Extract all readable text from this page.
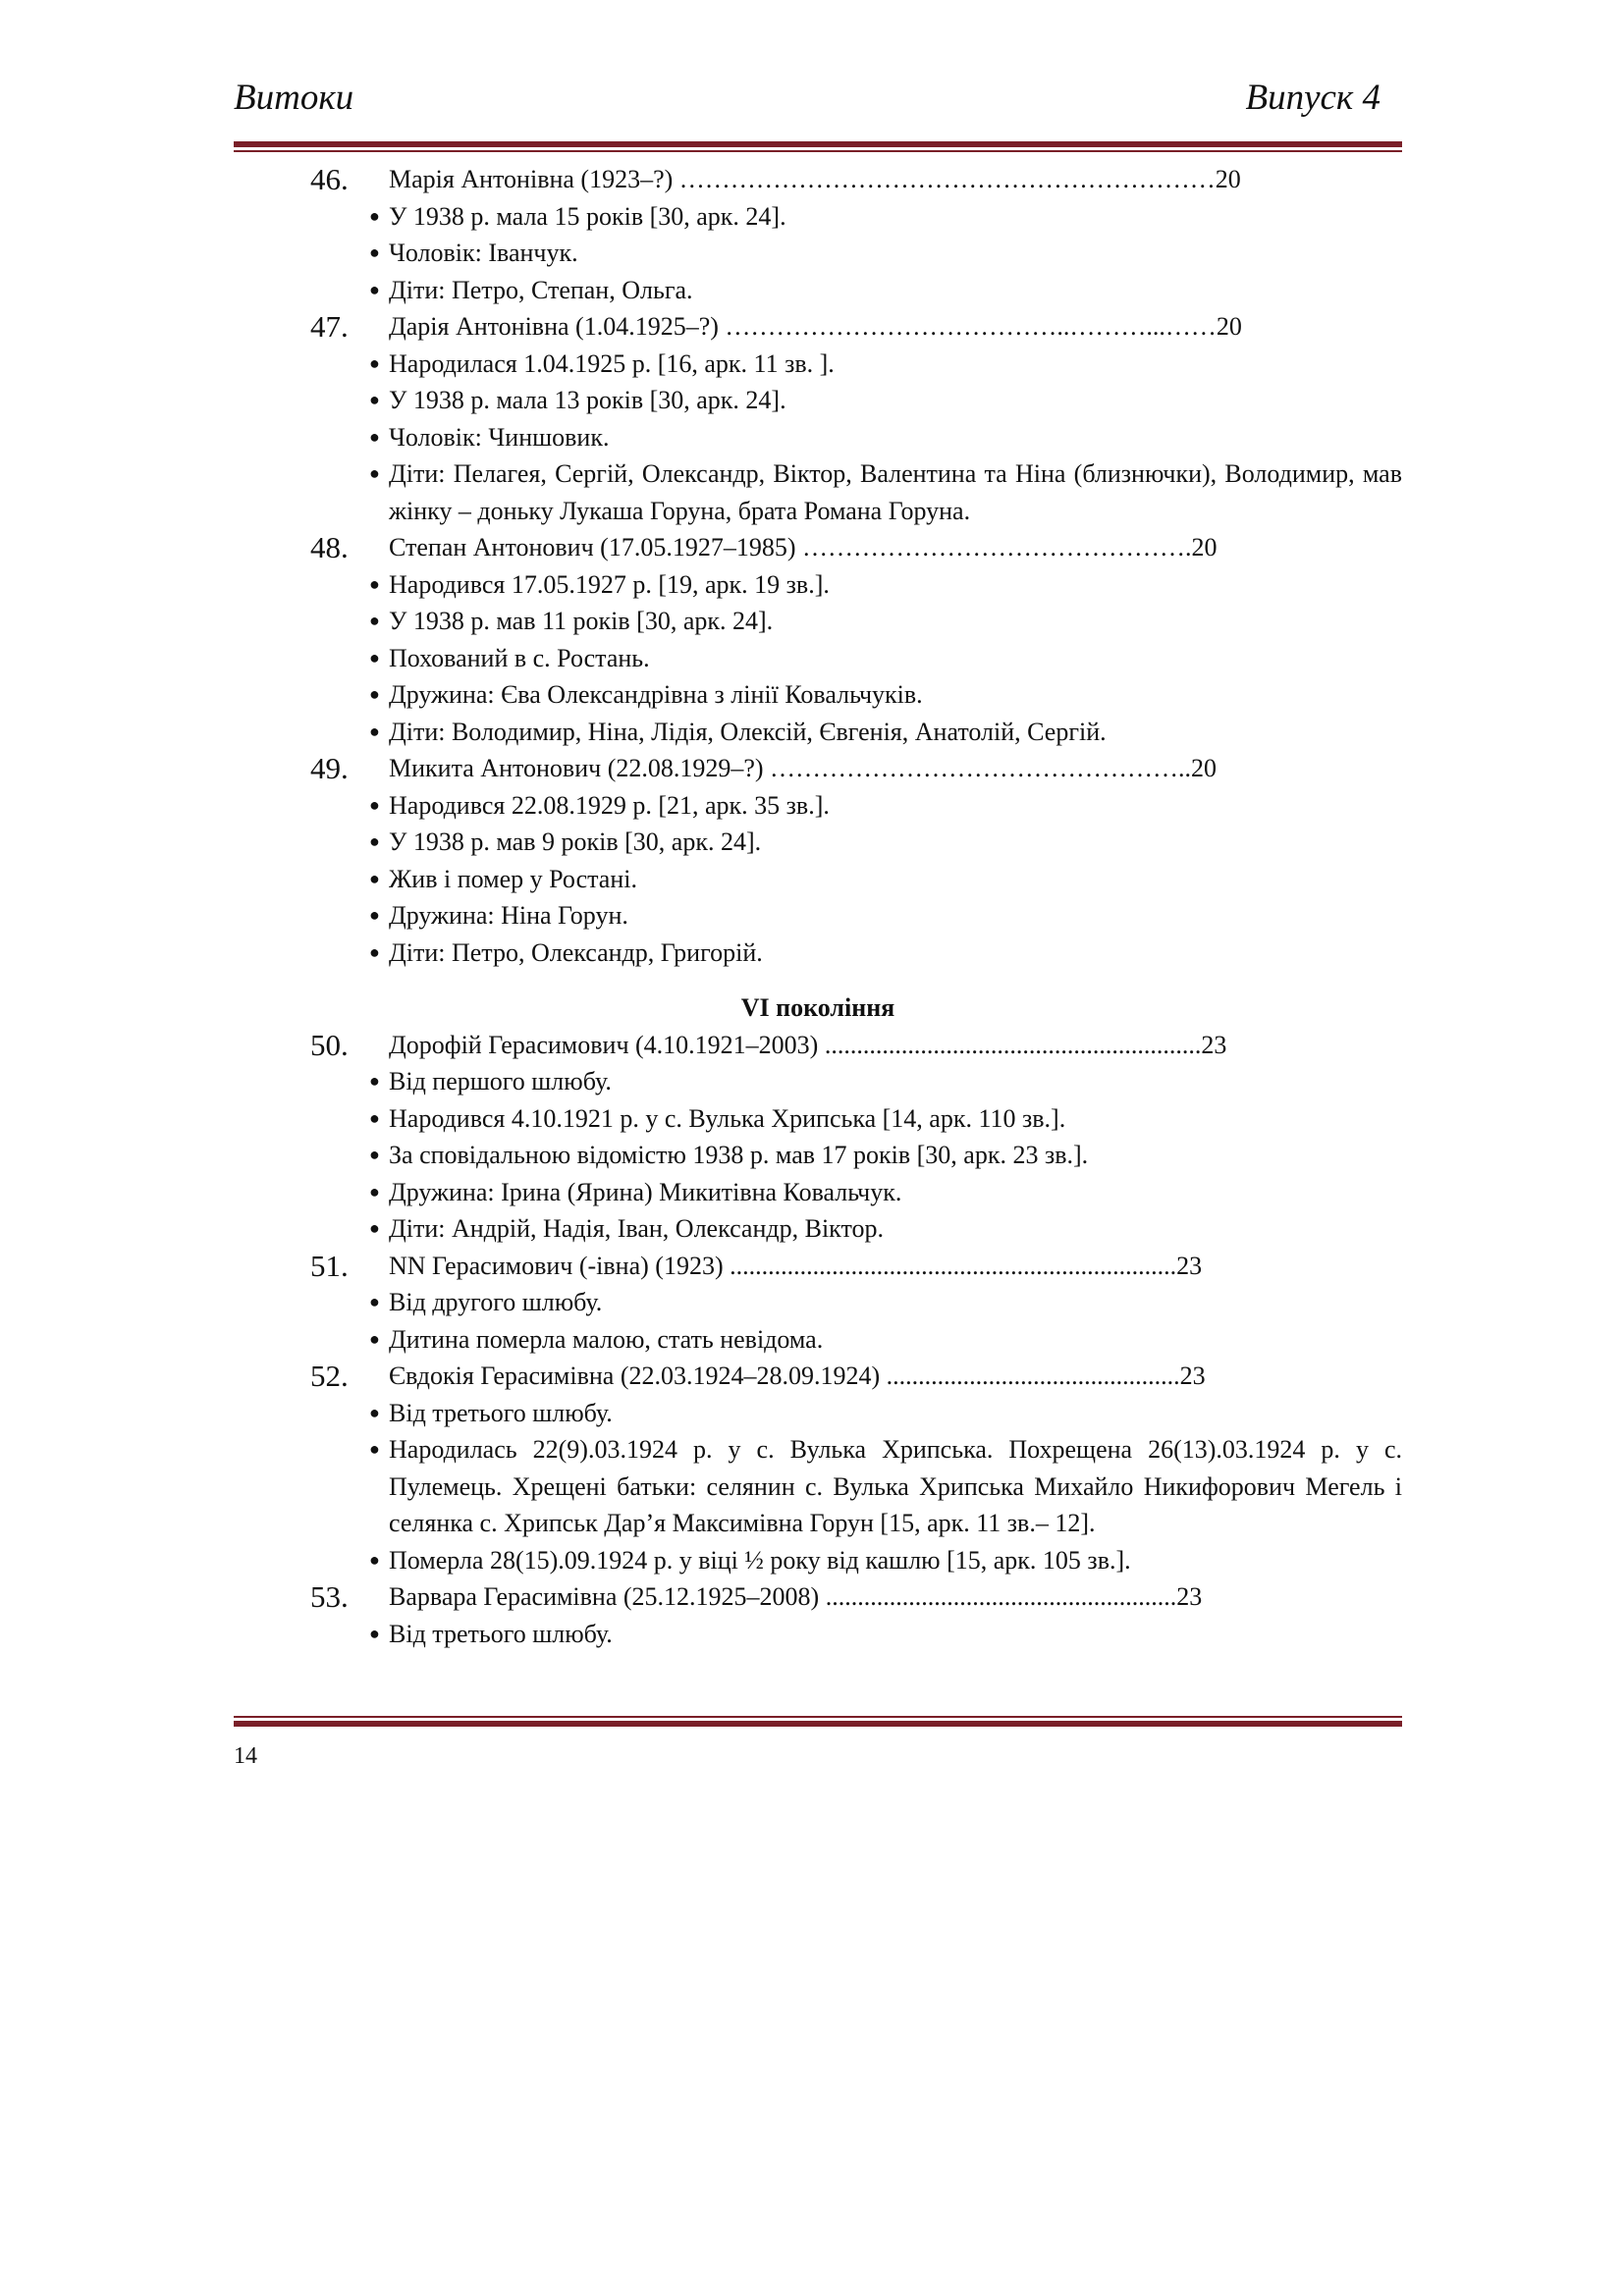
Витоки	Випуск 4
46. Марія Антонівна (1923–?) ………………………………………………………20
● У 1938 р. мала 15 років [30, арк. 24].
● Чоловік: Іванчук.
● Діти: Петро, Степан, Ольга.
47. Дарія Антонівна (1.04.1925–?) …………………………………..………...……20
● Народилася 1.04.1925 р. [16, арк. 11 зв. ].
● У 1938 р. мала 13 років [30, арк. 24].
● Чоловік: Чиншовик.
● Діти: Пелагея, Сергій, Олександр, Віктор, Валентина та Ніна (близнючки), Володимир, мав жінку – доньку Лукаша Горуна, брата Романа Горуна.
48. Степан Антонович (17.05.1927–1985) ……………………………………….20
● Народився 17.05.1927 р. [19, арк. 19 зв.].
● У 1938 р. мав 11 років [30, арк. 24].
● Похований в с. Ростань.
● Дружина: Єва Олександрівна з лінії Ковальчуків.
● Діти: Володимир, Ніна, Лідія, Олексій, Євгенія, Анатолій, Сергій.
49. Микита Антонович (22.08.1929–?) …………………………………………..20
● Народився 22.08.1929 р. [21, арк. 35 зв.].
● У 1938 р. мав 9 років [30, арк. 24].
● Жив і помер у Ростані.
● Дружина: Ніна Горун.
● Діти: Петро, Олександр, Григорій.
VI покоління
50. Дорофій Герасимович (4.10.1921–2003) ...........................................................23
● Від першого шлюбу.
● Народився 4.10.1921 р. у с. Вулька Хрипська [14, арк. 110 зв.].
● За сповідальною відомістю 1938 р. мав 17 років [30, арк. 23 зв.].
● Дружина: Ірина (Ярина) Микитівна Ковальчук.
● Діти: Андрій, Надія, Іван, Олександр, Віктор.
51. NN Герасимович (-івна) (1923) ......................................................................23
● Від другого шлюбу.
● Дитина померла малою, стать невідома.
52. Євдокія Герасимівна (22.03.1924–28.09.1924) ..............................................23
● Від третього шлюбу.
● Народилась 22(9).03.1924 р. у с. Вулька Хрипська. Похрещена 26(13).03.1924 р. у с. Пулемець. Хрещені батьки: селянин с. Вулька Хрипська Михайло Никифорович Мегель і селянка с. Хрипськ Дар’я Максимівна Горун [15, арк. 11 зв.– 12].
● Померла 28(15).09.1924 р. у віці ½ року від кашлю [15, арк. 105 зв.].
53. Варвара Герасимівна (25.12.1925–2008) .......................................................23
● Від третього шлюбу.
14
